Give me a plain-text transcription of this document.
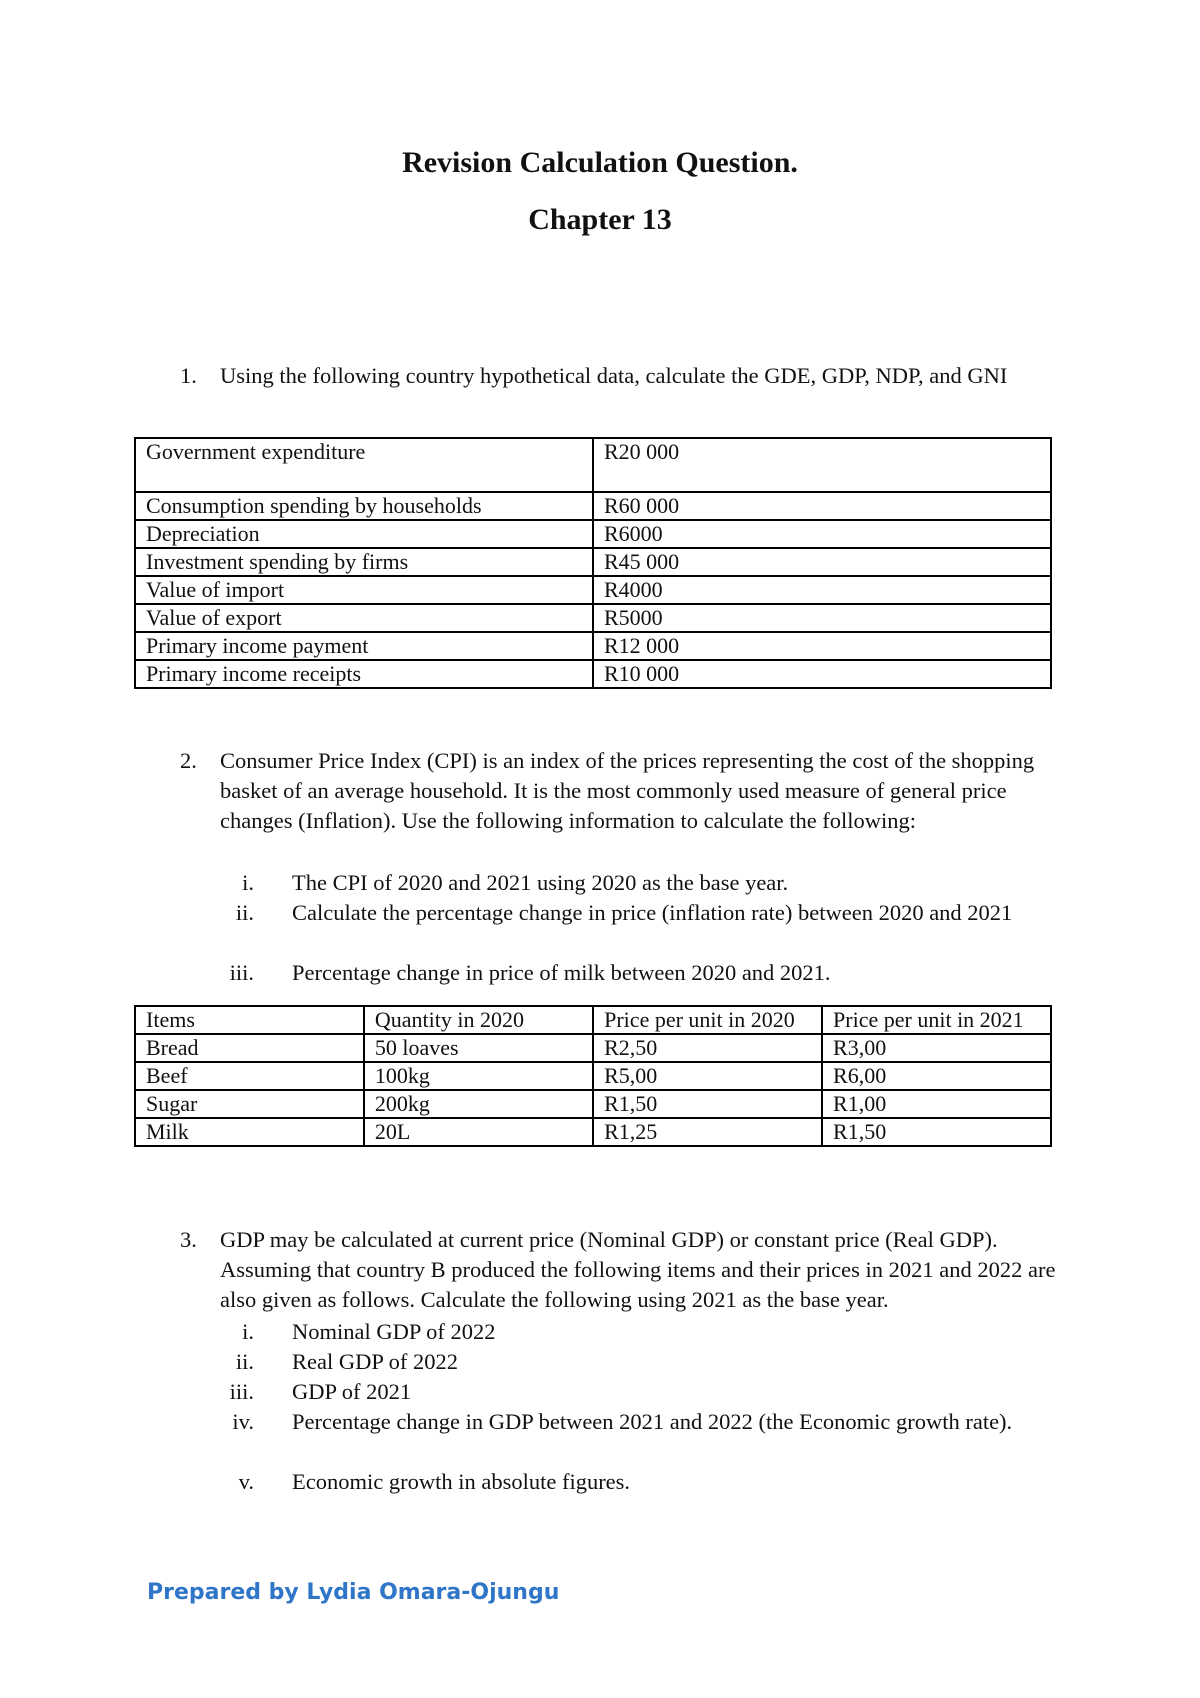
Revision Calculation Question.
Chapter 13
1. Using the following country hypothetical data, calculate the GDE, GDP, NDP, and GNI
Government expenditure	R20 000
Consumption spending by households	R60 000
Depreciation	R6000
Investment spending by firms	R45 000
Value of import	R4000
Value of export	R5000
Primary income payment	R12 000
Primary income receipts	R10 000
2. Consumer Price Index (CPI) is an index of the prices representing the cost of the shopping basket of an average household. It is the most commonly used measure of general price changes (Inflation). Use the following information to calculate the following:
i. The CPI of 2020 and 2021 using 2020 as the base year.
ii. Calculate the percentage change in price (inflation rate) between 2020 and 2021
iii. Percentage change in price of milk between 2020 and 2021.
Items	Quantity in 2020	Price per unit in 2020	Price per unit in 2021
Bread	50 loaves	R2,50	R3,00
Beef	100kg	R5,00	R6,00
Sugar	200kg	R1,50	R1,00
Milk	20L	R1,25	R1,50
3. GDP may be calculated at current price (Nominal GDP) or constant price (Real GDP). Assuming that country B produced the following items and their prices in 2021 and 2022 are also given as follows. Calculate the following using 2021 as the base year.
i. Nominal GDP of 2022
ii. Real GDP of 2022
iii. GDP of 2021
iv. Percentage change in GDP between 2021 and 2022 (the Economic growth rate).
v. Economic growth in absolute figures.
Prepared by Lydia Omara-Ojungu
